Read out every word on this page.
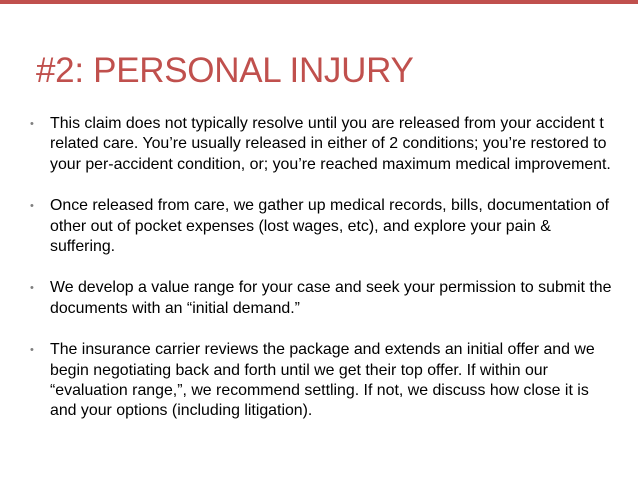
#2: PERSONAL INJURY
•	This claim does not typically resolve until you are released from your accident t related care. You’re usually released in either of 2 conditions; you’re restored to your per-accident condition, or; you’re reached maximum medical improvement.
•	Once released from care, we gather up medical records, bills, documentation of other out of pocket expenses (lost wages, etc), and explore your pain & suffering.
•	We develop a value range for your case and seek your permission to submit the documents with an “initial demand.”
•	The insurance carrier reviews the package and extends an initial offer and we begin negotiating back and forth until we get their top offer. If within our “evaluation range,”, we recommend settling. If not, we discuss how close it is and your options (including litigation).
